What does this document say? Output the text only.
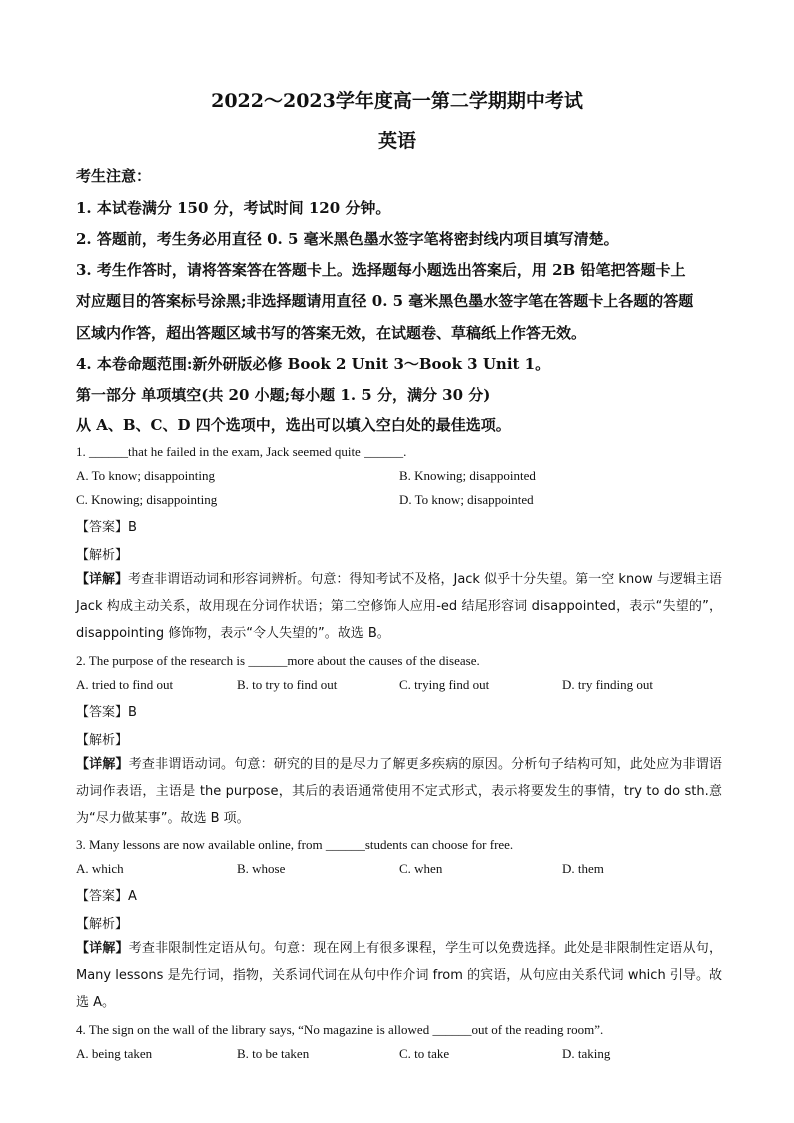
2022～2023学年度高一第二学期期中考试
英语
考生注意：
1. 本试卷满分 150 分，考试时间 120 分钟。
2. 答题前，考生务必用直径 0. 5 毫米黑色墨水签字笔将密封线内项目填写清楚。
3. 考生作答时，请将答案答在答题卡上。选择题每小题选出答案后，用 2B 铅笔把答题卡上
对应题目的答案标号涂黑;非选择题请用直径 0. 5 毫米黑色墨水签字笔在答题卡上各题的答题
区域内作答，超出答题区域书写的答案无效，在试题卷、草稿纸上作答无效。
4. 本卷命题范围:新外研版必修 Book 2 Unit 3～Book 3 Unit 1。
第一部分 单项填空(共 20 小题;每小题 1. 5 分，满分 30 分)
从 A、B、C、D 四个选项中，选出可以填入空白处的最佳选项。
1. ______that he failed in the exam, Jack seemed quite ______.
A. To know; disappointing	B. Knowing; disappointed
C. Knowing; disappointing	D. To know; disappointed
【答案】B
【解析】
【详解】考查非谓语动词和形容词辨析。句意：得知考试不及格，Jack 似乎十分失望。第一空 know 与逻辑主语 Jack 构成主动关系，故用现在分词作状语；第二空修饰人应用-ed 结尾形容词 disappointed，表示“失望的”，disappointing 修饰物，表示“令人失望的”。故选 B。
2. The purpose of the research is ______more about the causes of the disease.
A. tried to find out	B. to try to find out	C. trying find out	D. try finding out
【答案】B
【解析】
【详解】考查非谓语动词。句意：研究的目的是尽力了解更多疾病的原因。分析句子结构可知，此处应为非谓语动词作表语，主语是 the purpose，其后的表语通常使用不定式形式，表示将要发生的事情，try to do sth.意为“尽力做某事”。故选 B 项。
3. Many lessons are now available online, from ______students can choose for free.
A. which	B. whose	C. when	D. them
【答案】A
【解析】
【详解】考查非限制性定语从句。句意：现在网上有很多课程，学生可以免费选择。此处是非限制性定语从句，Many lessons 是先行词，指物，关系词代词在从句中作介词 from 的宾语，从句应由关系代词 which 引导。故选 A。
4. The sign on the wall of the library says, “No magazine is allowed ______out of the reading room”.
A. being taken	B. to be taken	C. to take	D. taking
